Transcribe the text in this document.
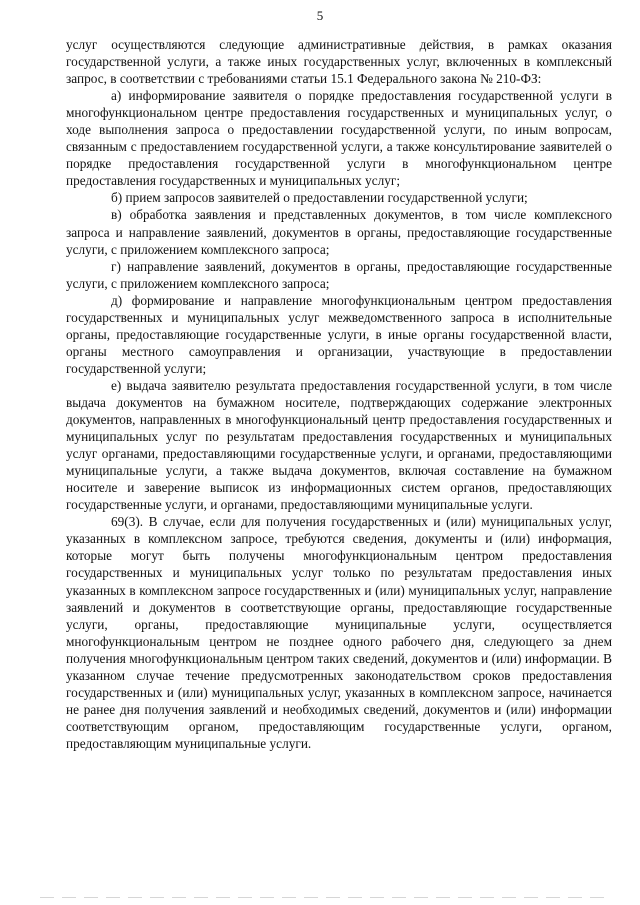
5

услуг осуществляются следующие административные действия, в рамках оказания государственной услуги, а также иных государственных услуг, включенных в комплексный запрос, в соответствии с требованиями статьи 15.1 Федерального закона № 210-ФЗ:

а) информирование заявителя о порядке предоставления государственной услуги в многофункциональном центре предоставления государственных и муниципальных услуг, о ходе выполнения запроса о предоставлении государственной услуги, по иным вопросам, связанным с предоставлением государственной услуги, а также консультирование заявителей о порядке предоставления государственной услуги в многофункциональном центре предоставления государственных и муниципальных услуг;

б) прием запросов заявителей о предоставлении государственной услуги;

в) обработка заявления и представленных документов, в том числе комплексного запроса и направление заявлений, документов в органы, предоставляющие государственные услуги, с приложением комплексного запроса;

г) направление заявлений, документов в органы, предоставляющие государственные услуги, с приложением комплексного запроса;

д) формирование и направление многофункциональным центром предоставления государственных и муниципальных услуг межведомственного запроса в исполнительные органы, предоставляющие государственные услуги, в иные органы государственной власти, органы местного самоуправления и организации, участвующие в предоставлении государственной услуги;

е) выдача заявителю результата предоставления государственной услуги, в том числе выдача документов на бумажном носителе, подтверждающих содержание электронных документов, направленных в многофункциональный центр предоставления государственных и муниципальных услуг по результатам предоставления государственных и муниципальных услуг органами, предоставляющими государственные услуги, и органами, предоставляющими муниципальные услуги, а также выдача документов, включая составление на бумажном носителе и заверение выписок из информационных систем органов, предоставляющих государственные услуги, и органами, предоставляющими муниципальные услуги.

69(3). В случае, если для получения государственных и (или) муниципальных услуг, указанных в комплексном запросе, требуются сведения, документы и (или) информация, которые могут быть получены многофункциональным центром предоставления государственных и муниципальных услуг только по результатам предоставления иных указанных в комплексном запросе государственных и (или) муниципальных услуг, направление заявлений и документов в соответствующие органы, предоставляющие государственные услуги, органы, предоставляющие муниципальные услуги, осуществляется многофункциональным центром не позднее одного рабочего дня, следующего за днем получения многофункциональным центром таких сведений, документов и (или) информации. В указанном случае течение предусмотренных законодательством сроков предоставления государственных и (или) муниципальных услуг, указанных в комплексном запросе, начинается не ранее дня получения заявлений и необходимых сведений, документов и (или) информации соответствующим органом, предоставляющим государственные услуги, органом, предоставляющим муниципальные услуги.
